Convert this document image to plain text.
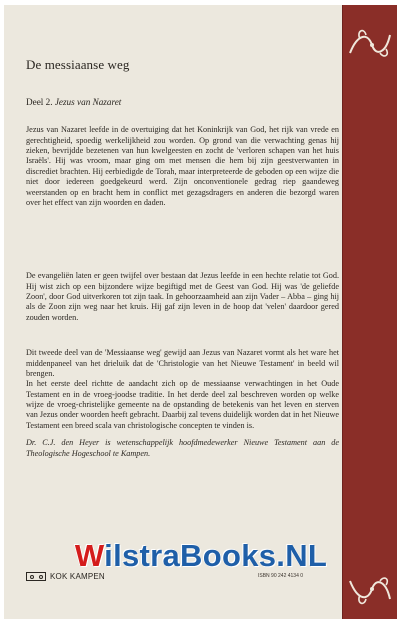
De messiaanse weg
Deel 2. Jezus van Nazaret

Jezus van Nazaret leefde in de overtuiging dat het Koninkrijk van God, het rijk van vrede en gerechtigheid, spoedig werkelijkheid zou worden. Op grond van die verwachting genas hij zieken, bevrijdde bezetenen van hun kwelgeesten en zocht de 'verloren schapen van het huis Israëls'. Hij was vroom, maar ging om met mensen die hem bij zijn geestverwanten in discrediet brachten. Hij eerbiedigde de Torah, maar interpreteerde de geboden op een wijze die niet door iedereen goedgekeurd werd. Zijn onconventionele gedrag riep gaandeweg weerstanden op en bracht hem in conflict met gezagsdragers en anderen die bezorgd waren over het effect van zijn woorden en daden.

De evangeliën laten er geen twijfel over bestaan dat Jezus leefde in een hechte relatie tot God. Hij wist zich op een bijzondere wijze begiftigd met de Geest van God. Hij was 'de geliefde Zoon', door God uitverkoren tot zijn taak. In gehoorzaamheid aan zijn Vader – Abba – ging hij als de Zoon zijn weg naar het kruis. Hij gaf zijn leven in de hoop dat 'velen' daardoor gered zouden worden.

Dit tweede deel van de 'Messiaanse weg' gewijd aan Jezus van Nazaret vormt als het ware het middenpaneel van het drieluik dat de 'Christologie van het Nieuwe Testament' in beeld wil brengen.

In het eerste deel richtte de aandacht zich op de messiaanse verwachtingen in het Oude Testament en in de vroeg-joodse traditie. In het derde deel zal beschreven worden op welke wijze de vroeg-christelijke gemeente na de opstanding de betekenis van het leven en sterven van Jezus onder woorden heeft gebracht. Daarbij zal tevens duidelijk worden dat in het Nieuwe Testament een breed scala van christologische concepten te vinden is.

Dr. C.J. den Heyer is wetenschappelijk hoofdmedewerker Nieuwe Testament aan de Theologische Hogeschool te Kampen.

KOK KAMPEN	ISBN 90 242 4134 0
WilstraBooks.NL
